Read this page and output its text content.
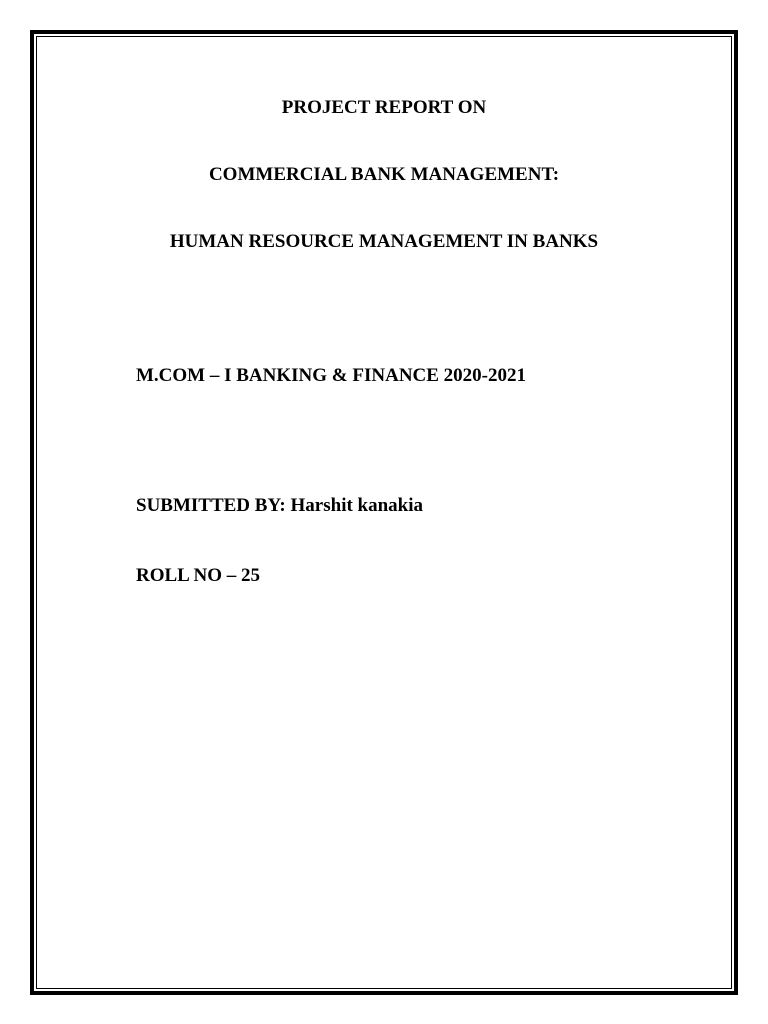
PROJECT REPORT ON
COMMERCIAL BANK MANAGEMENT:
HUMAN RESOURCE MANAGEMENT IN BANKS
M.COM – I BANKING & FINANCE 2020-2021
SUBMITTED BY: Harshit kanakia
ROLL NO – 25
